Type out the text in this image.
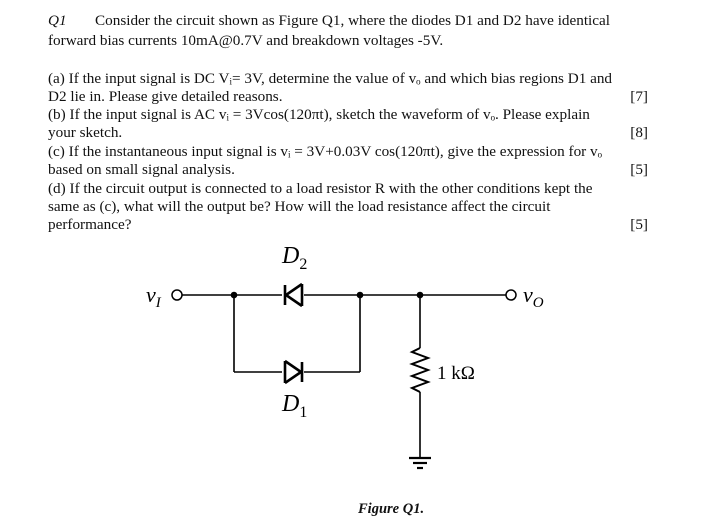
Q1 Consider the circuit shown as Figure Q1, where the diodes D1 and D2 have identical
forward bias currents 10mA@0.7V and breakdown voltages -5V.
(a) If the input signal is DC Vᵢ= 3V, determine the value of vₒ and which bias regions D1 and
D2 lie in. Please give detailed reasons.	[7]
(b) If the input signal is AC vᵢ = 3Vcos(120πt), sketch the waveform of vₒ. Please explain
your sketch.	[8]
(c) If the instantaneous input signal is vᵢ = 3V+0.03V cos(120πt), give the expression for vₒ
based on small signal analysis.	[5]
(d) If the circuit output is connected to a load resistor R with the other conditions kept the
same as (c), what will the output be? How will the load resistance affect the circuit
performance?	[5]
$D_2$
$D_1$
$v_I$	$v_O$
1 kΩ
Figure Q1.
